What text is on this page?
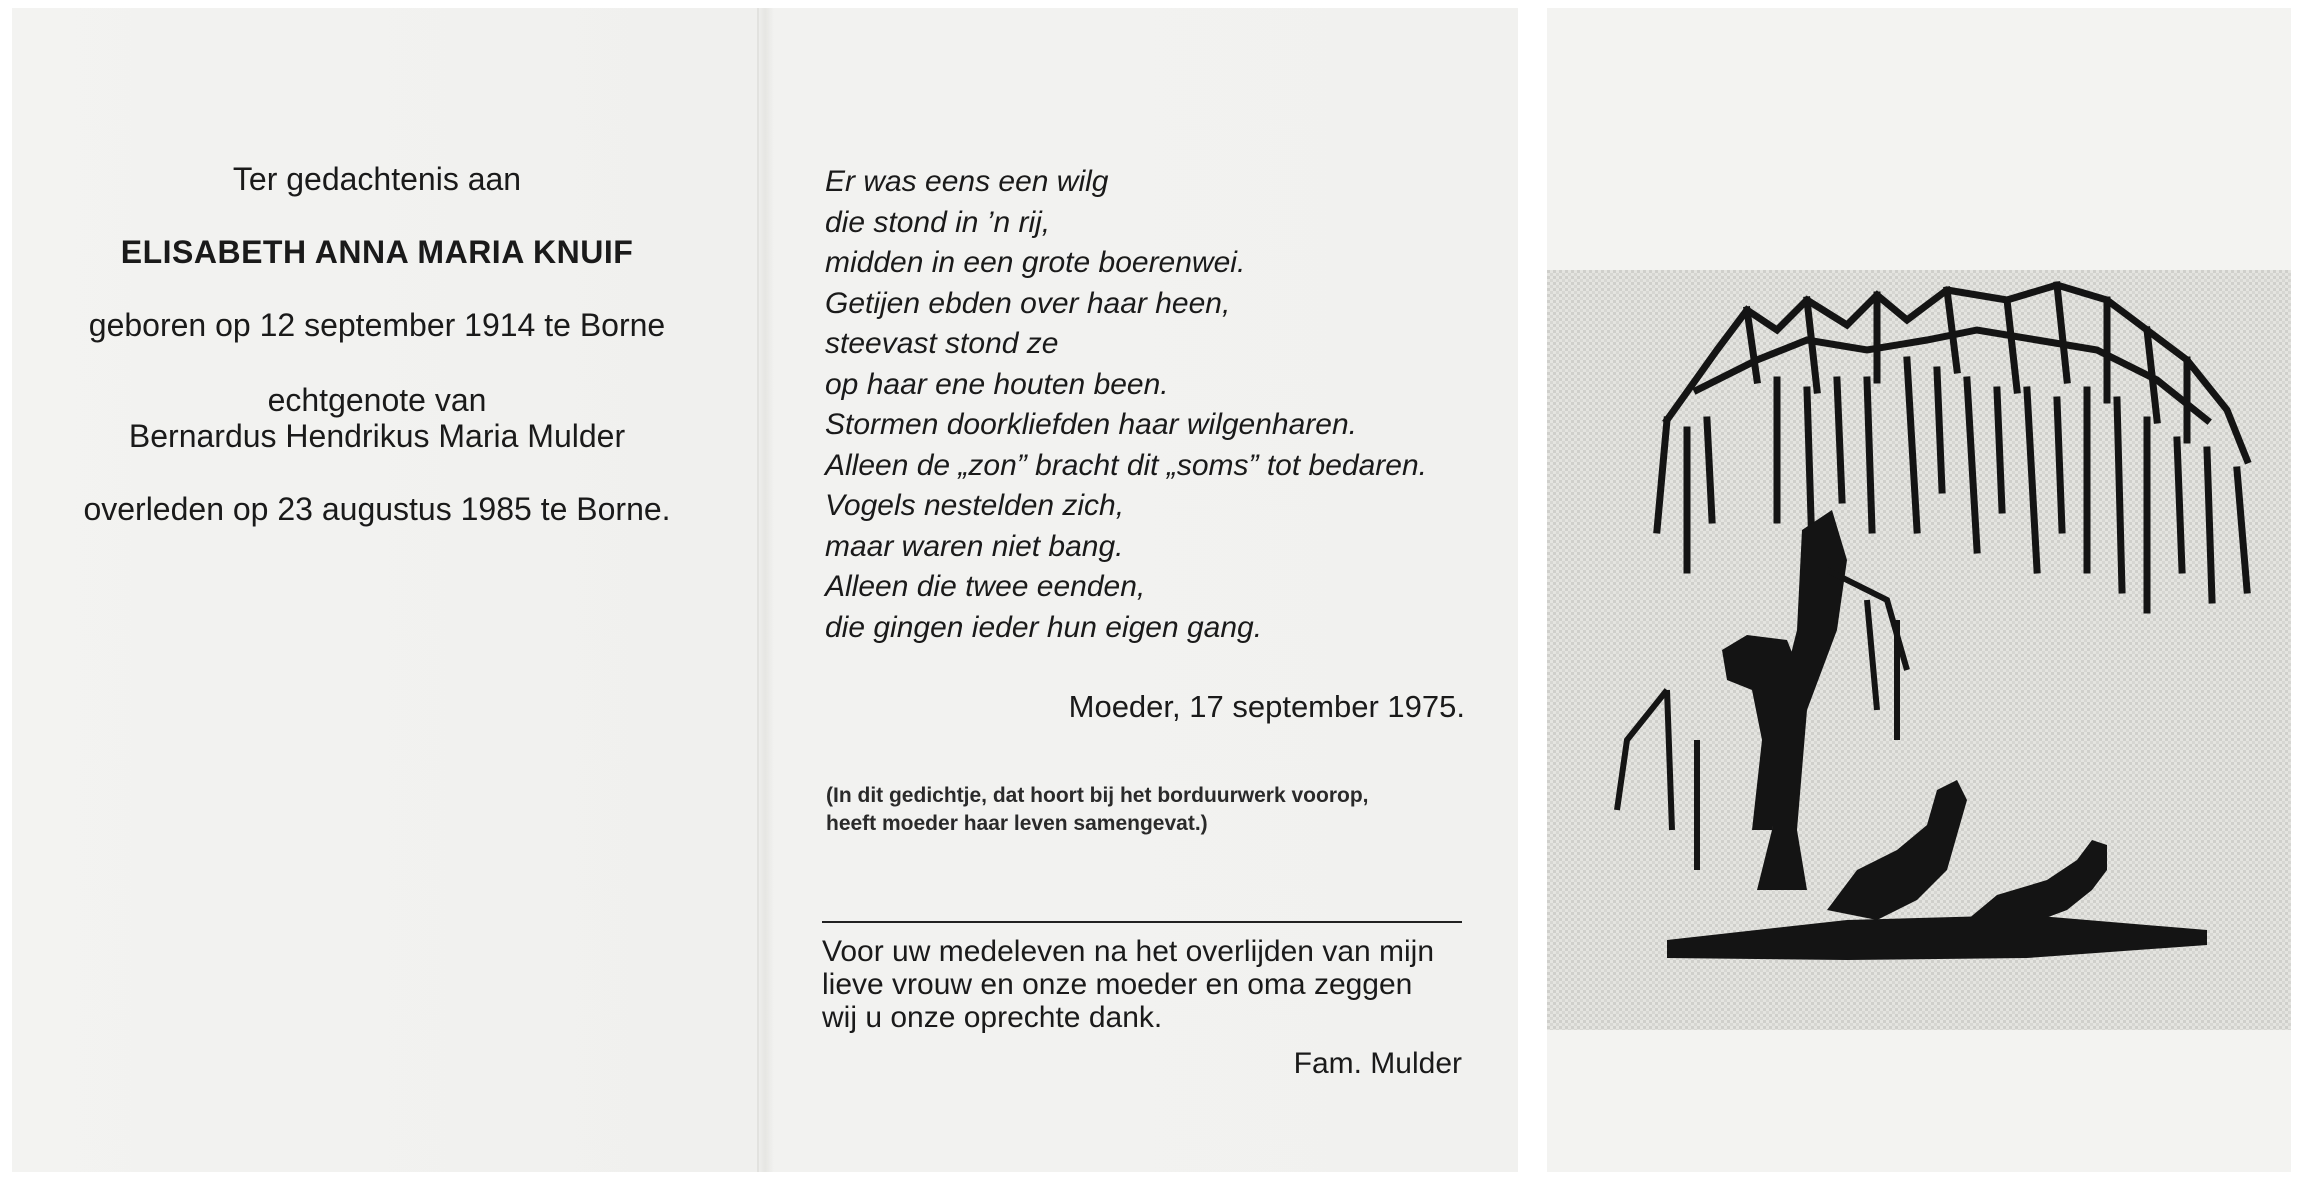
Ter gedachtenis aan
ELISABETH ANNA MARIA KNUIF
geboren op 12 september 1914 te Borne
echtgenote van
Bernardus Hendrikus Maria Mulder
overleden op 23 augustus 1985 te Borne.
Er was eens een wilg
die stond in ’n rij,
midden in een grote boerenwei.
Getijen ebden over haar heen,
steevast stond ze
op haar ene houten been.
Stormen doorkliefden haar wilgenharen.
Alleen de „zon” bracht dit „soms” tot bedaren.
Vogels nestelden zich,
maar waren niet bang.
Alleen die twee eenden,
die gingen ieder hun eigen gang.
Moeder, 17 september 1975.
(In dit gedichtje, dat hoort bij het borduurwerk voorop,
heeft moeder haar leven samengevat.)
Voor uw medeleven na het overlijden van mijn
lieve vrouw en onze moeder en oma zeggen
wij u onze oprechte dank.
Fam. Mulder
